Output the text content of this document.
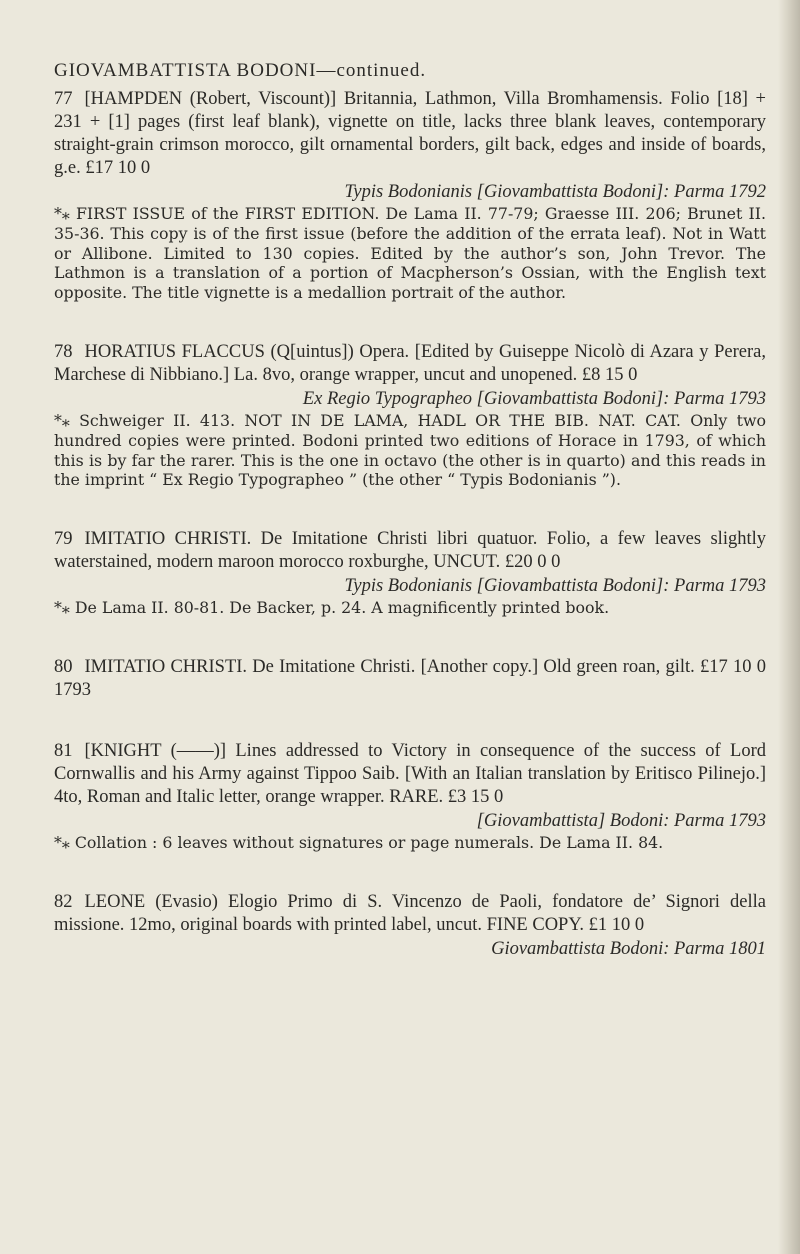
GIOVAMBATTISTA BODONI—continued.

77 [HAMPDEN (Robert, Viscount)] Britannia, Lathmon, Villa Bromhamensis. Folio [18] + 231 + [1] pages (first leaf blank), vignette on title, lacks three blank leaves, contemporary straight-grain crimson morocco, gilt ornamental borders, gilt back, edges and inside of boards, g.e. £17 10 0

Typis Bodonianis [Giovambattista Bodoni]: Parma 1792

*⁎ FIRST ISSUE of the FIRST EDITION. De Lama II. 77-79; Graesse III. 206; Brunet II. 35-36. This copy is of the first issue (before the addition of the errata leaf). Not in Watt or Allibone. Limited to 130 copies. Edited by the author’s son, John Trevor. The Lathmon is a translation of a portion of Macpherson’s Ossian, with the English text opposite. The title vignette is a medallion portrait of the author.

78 HORATIUS FLACCUS (Q[uintus]) Opera. [Edited by Guiseppe Nicolò di Azara y Perera, Marchese di Nibbiano.] La. 8vo, orange wrapper, uncut and unopened. £8 15 0

Ex Regio Typographeo [Giovambattista Bodoni]: Parma 1793

*⁎ Schweiger II. 413. NOT IN DE LAMA, HADL OR THE BIB. NAT. CAT. Only two hundred copies were printed. Bodoni printed two editions of Horace in 1793, of which this is by far the rarer. This is the one in octavo (the other is in quarto) and this reads in the imprint “ Ex Regio Typographeo ” (the other “ Typis Bodonianis ”).

79 IMITATIO CHRISTI. De Imitatione Christi libri quatuor. Folio, a few leaves slightly waterstained, modern maroon morocco roxburghe, UNCUT. £20 0 0

Typis Bodonianis [Giovambattista Bodoni]: Parma 1793

*⁎ De Lama II. 80-81. De Backer, p. 24. A magnificently printed book.

80 IMITATIO CHRISTI. De Imitatione Christi. [Another copy.] Old green roan, gilt. £17 10 0 1793

81 [KNIGHT (——)] Lines addressed to Victory in consequence of the success of Lord Cornwallis and his Army against Tippoo Saib. [With an Italian translation by Eritisco Pilinejo.] 4to, Roman and Italic letter, orange wrapper. RARE. £3 15 0

[Giovambattista] Bodoni: Parma 1793

*⁎ Collation : 6 leaves without signatures or page numerals. De Lama II. 84.

82 LEONE (Evasio) Elogio Primo di S. Vincenzo de Paoli, fondatore de’ Signori della missione. 12mo, original boards with printed label, uncut. FINE COPY. £1 10 0

Giovambattista Bodoni: Parma 1801
